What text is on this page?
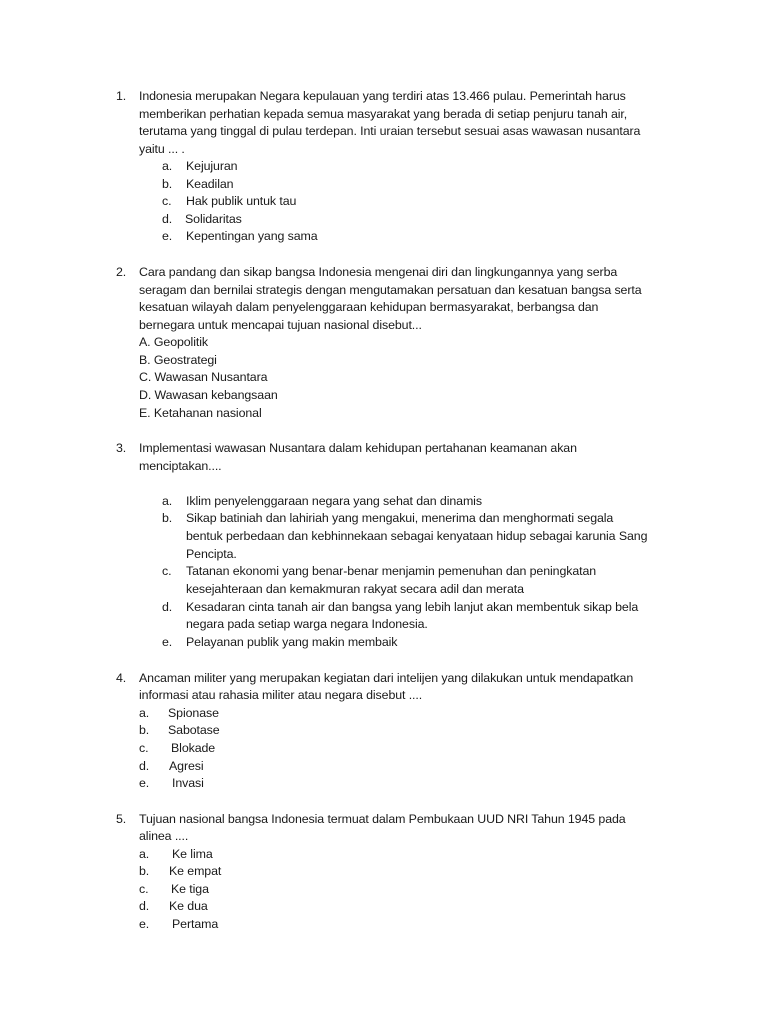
1. Indonesia merupakan Negara kepulauan yang terdiri atas 13.466 pulau. Pemerintah harus
memberikan perhatian kepada semua masyarakat yang berada di setiap penjuru tanah air,
terutama yang tinggal di pulau terdepan. Inti uraian tersebut sesuai asas wawasan nusantara
yaitu ... .
a. Kejujuran
b. Keadilan
c. Hak publik untuk tau
d. Solidaritas
e. Kepentingan yang sama
2. Cara pandang dan sikap bangsa Indonesia mengenai diri dan lingkungannya yang serba
seragam dan bernilai strategis dengan mengutamakan persatuan dan kesatuan bangsa serta
kesatuan wilayah dalam penyelenggaraan kehidupan bermasyarakat, berbangsa dan
bernegara untuk mencapai tujuan nasional disebut...
A. Geopolitik
B. Geostrategi
C. Wawasan Nusantara
D. Wawasan kebangsaan
E. Ketahanan nasional
3. Implementasi wawasan Nusantara dalam kehidupan pertahanan keamanan akan
menciptakan....
a. Iklim penyelenggaraan negara yang sehat dan dinamis
b. Sikap batiniah dan lahiriah yang mengakui, menerima dan menghormati segala
bentuk perbedaan dan kebhinnekaan sebagai kenyataan hidup sebagai karunia Sang
Pencipta.
c. Tatanan ekonomi yang benar-benar menjamin pemenuhan dan peningkatan
kesejahteraan dan kemakmuran rakyat secara adil dan merata
d. Kesadaran cinta tanah air dan bangsa yang lebih lanjut akan membentuk sikap bela
negara pada setiap warga negara Indonesia.
e. Pelayanan publik yang makin membaik
4. Ancaman militer yang merupakan kegiatan dari intelijen yang dilakukan untuk mendapatkan
informasi atau rahasia militer atau negara disebut ....
a. Spionase
b. Sabotase
c. Blokade
d. Agresi
e. Invasi
5. Tujuan nasional bangsa Indonesia termuat dalam Pembukaan UUD NRI Tahun 1945 pada
alinea ....
a. Ke lima
b. Ke empat
c. Ke tiga
d. Ke dua
e. Pertama
